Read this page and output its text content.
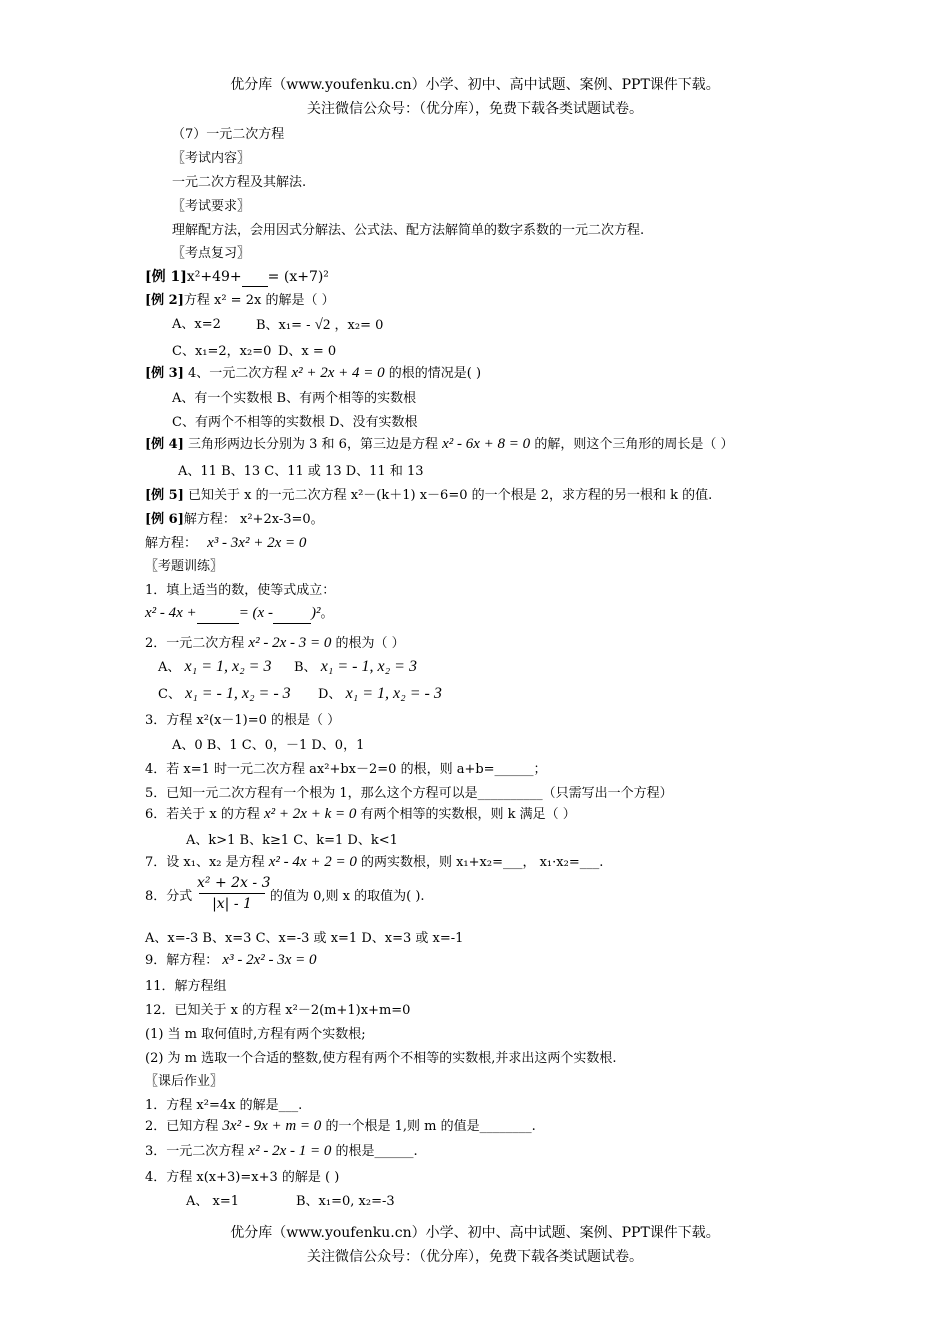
优分库（www.youfenku.cn）小学、初中、高中试题、案例、PPT课件下载。
关注微信公众号：（优分库），免费下载各类试题试卷。
（7）一元二次方程
〖考试内容〗
一元二次方程及其解法.
〖考试要求〗
理解配方法，会用因式分解法、公式法、配方法解简单的数字系数的一元二次方程.
〖考点复习〗
[例 1]x²+49+ = (x+7)²
[例 2]方程 x² = 2x 的解是（ ）
A、x=2	B、x₁= - √2 ，x₂= 0
C、x₁=2，x₂=0 D、x = 0
[例 3] 4、一元二次方程 x² + 2x + 4 = 0 的根的情况是( )
A、有一个实数根 B、有两个相等的实数根
C、有两个不相等的实数根 D、没有实数根
[例 4] 三角形两边长分别为 3 和 6，第三边是方程 x² - 6x + 8 = 0 的解，则这个三角形的周长是（ ）
A、11 B、13 C、11 或 13 D、11 和 13
[例 5] 已知关于 x 的一元二次方程 x²－(k＋1) x－6=0 的一个根是 2，求方程的另一根和 k 的值.
[例 6]解方程： x²+2x-3=0。
解方程： x³ - 3x² + 2x = 0
〖考题训练〗
1．填上适当的数，使等式成立：
x² - 4x +	= (x -	)²。
2．一元二次方程 x² - 2x - 3 = 0 的根为（ ）
A、 x₁ = 1, x₂ = 3 B、 x₁ = - 1, x₂ = 3
C、 x₁ = - 1, x₂ = - 3 D、 x₁ = 1, x₂ = - 3
3．方程 x²(x－1)=0 的根是（ ）
A、0 B、1 C、0，－1 D、0，1
4．若 x=1 时一元二次方程 ax²+bx－2=0 的根，则 a+b=______；
5．已知一元二次方程有一个根为 1，那么这个方程可以是__________（只需写出一个方程）
6．若关于 x 的方程 x² + 2x + k = 0 有两个相等的实数根，则 k 满足（ ）
A、k>1 B、k≥1 C、k=1 D、k<1
7．设 x₁、x₂ 是方程 x² - 4x + 2 = 0 的两实数根，则 x₁+x₂=___， x₁·x₂=___.
8．分式
x² + 2x - 3
|x| - 1	的值为 0,则 x 的取值为( ).
A、x=-3 B、x=3 C、x=-3 或 x=1 D、x=3 或 x=-1
9．解方程： x³ - 2x² - 3x = 0
11．解方程组
12．已知关于 x 的方程 x²－2(m+1)x+m=0
(1) 当 m 取何值时,方程有两个实数根;
(2) 为 m 选取一个合适的整数,使方程有两个不相等的实数根,并求出这两个实数根.
〖课后作业〗
1．方程 x²=4x 的解是___.
2．已知方程 3x² - 9x + m = 0 的一个根是 1,则 m 的值是________.
3．一元二次方程 x² - 2x - 1 = 0 的根是______.
4．方程 x(x+3)=x+3 的解是 ( )
A、 x=1	B、x₁=0, x₂=-3
优分库（www.youfenku.cn）小学、初中、高中试题、案例、PPT课件下载。
关注微信公众号：（优分库），免费下载各类试题试卷。
